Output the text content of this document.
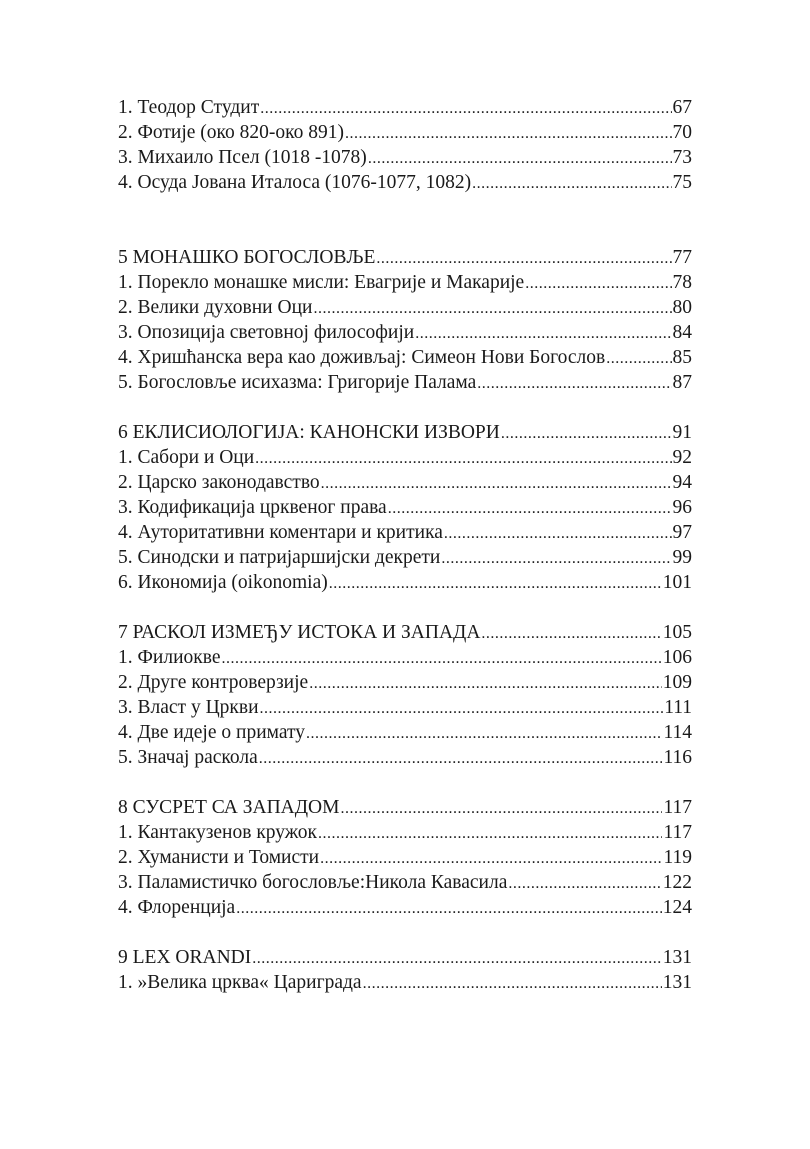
1. Теодор Студит .....	67
2. Фотије (око 820-око 891) .....	70
3. Михаило Псел (1018 -1078) .....	73
4. Осуда Јована Италоса (1076-1077, 1082) .....	75
5 МОНАШКО БОГОСЛОВЉЕ .....	77
1. Порекло монашке мисли: Евагрије и Макарије .....	78
2. Велики духовни Оци .....	80
3. Опозиција световној философији .....	84
4. Хришћанска вера као доживљај: Симеон Нови Богослов .....	85
5. Богословље исихазма: Григорије Палама .....	87
6 ЕКЛИСИОЛОГИЈА: КАНОНСКИ ИЗВОРИ .....	91
1. Сабори и Оци .....	92
2. Царско законодавство .....	94
3. Кодификација црквеног права .....	96
4. Ауторитативни коментари и критика .....	97
5. Синодски и патријаршијски декрети .....	99
6. Икономија (oikonomia) .....	101
7 РАСКОЛ ИЗМЕЂУ ИСТОКА И ЗАПАДА .....	105
1. Филиокве .....	106
2. Друге контроверзије .....	109
3. Власт у Цркви .....	111
4. Две идеје о примату .....	114
5. Значај раскола .....	116
8 СУСРЕТ СА ЗАПАДОМ .....	117
1. Кантакузенов кружок .....	117
2. Хуманисти и Томисти .....	119
3. Паламистичко богословље:Никола Кавасила .....	122
4. Флоренција .....	124
9 LEX ORANDI .....	131
1. »Велика црква« Цариграда .....	131
